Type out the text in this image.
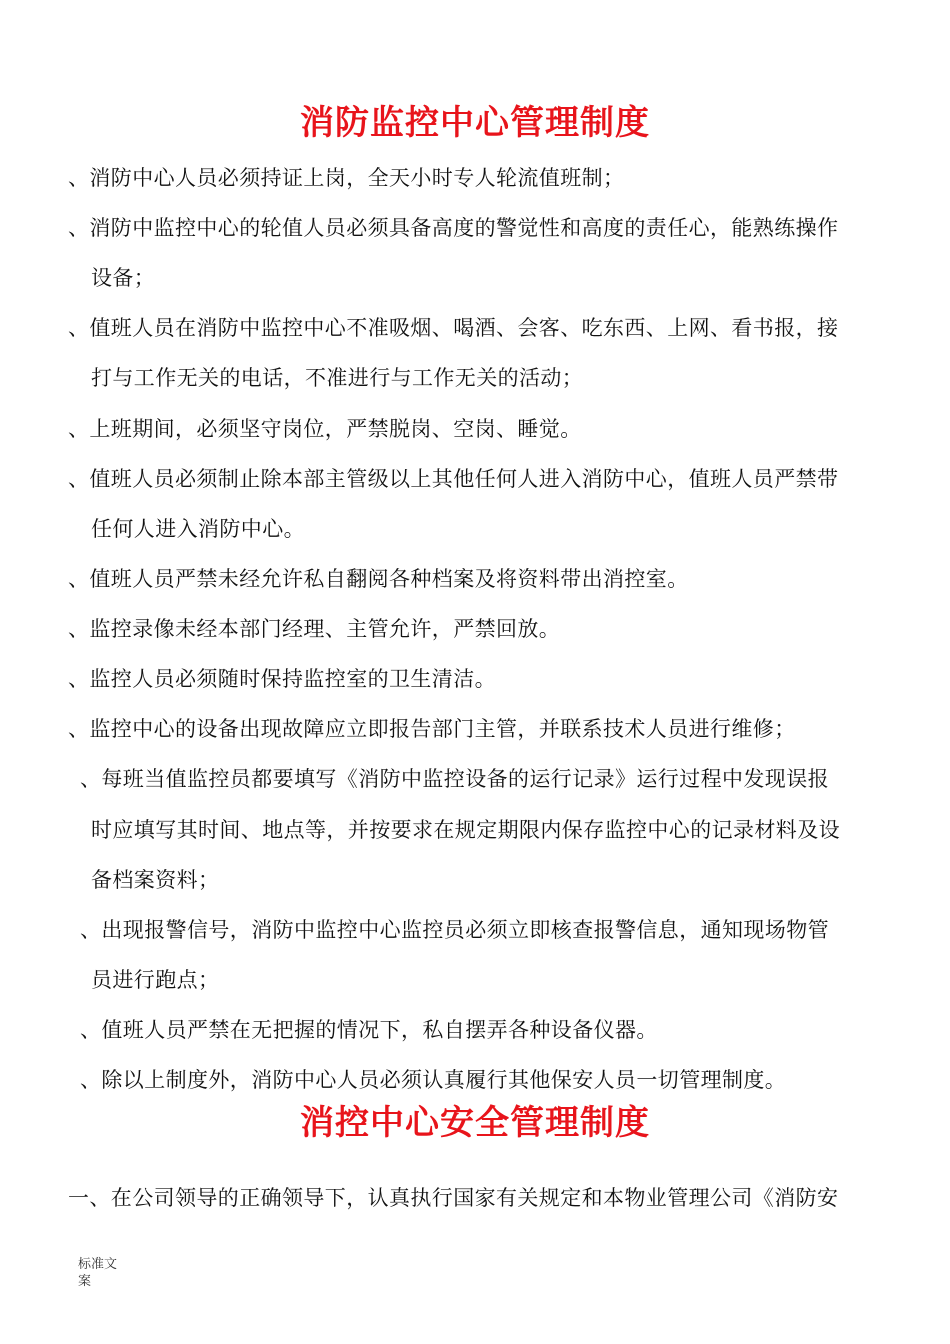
消防监控中心管理制度
、消防中心人员必须持证上岗，全天小时专人轮流值班制；
、消防中监控中心的轮值人员必须具备高度的警觉性和高度的责任心，能熟练操作
设备；
、值班人员在消防中监控中心不准吸烟、喝酒、会客、吃东西、上网、看书报，接
打与工作无关的电话，不准进行与工作无关的活动；
、上班期间，必须坚守岗位，严禁脱岗、空岗、睡觉。
、值班人员必须制止除本部主管级以上其他任何人进入消防中心，值班人员严禁带
任何人进入消防中心。
、值班人员严禁未经允许私自翻阅各种档案及将资料带出消控室。
、监控录像未经本部门经理、主管允许，严禁回放。
、监控人员必须随时保持监控室的卫生清洁。
、监控中心的设备出现故障应立即报告部门主管，并联系技术人员进行维修；
、每班当值监控员都要填写《消防中监控设备的运行记录》运行过程中发现误报
时应填写其时间、地点等，并按要求在规定期限内保存监控中心的记录材料及设
备档案资料；
、出现报警信号，消防中监控中心监控员必须立即核查报警信息，通知现场物管
员进行跑点；
、值班人员严禁在无把握的情况下，私自摆弄各种设备仪器。
、除以上制度外，消防中心人员必须认真履行其他保安人员一切管理制度。
消控中心安全管理制度
一、在公司领导的正确领导下，认真执行国家有关规定和本物业管理公司《消防安
标准文案
